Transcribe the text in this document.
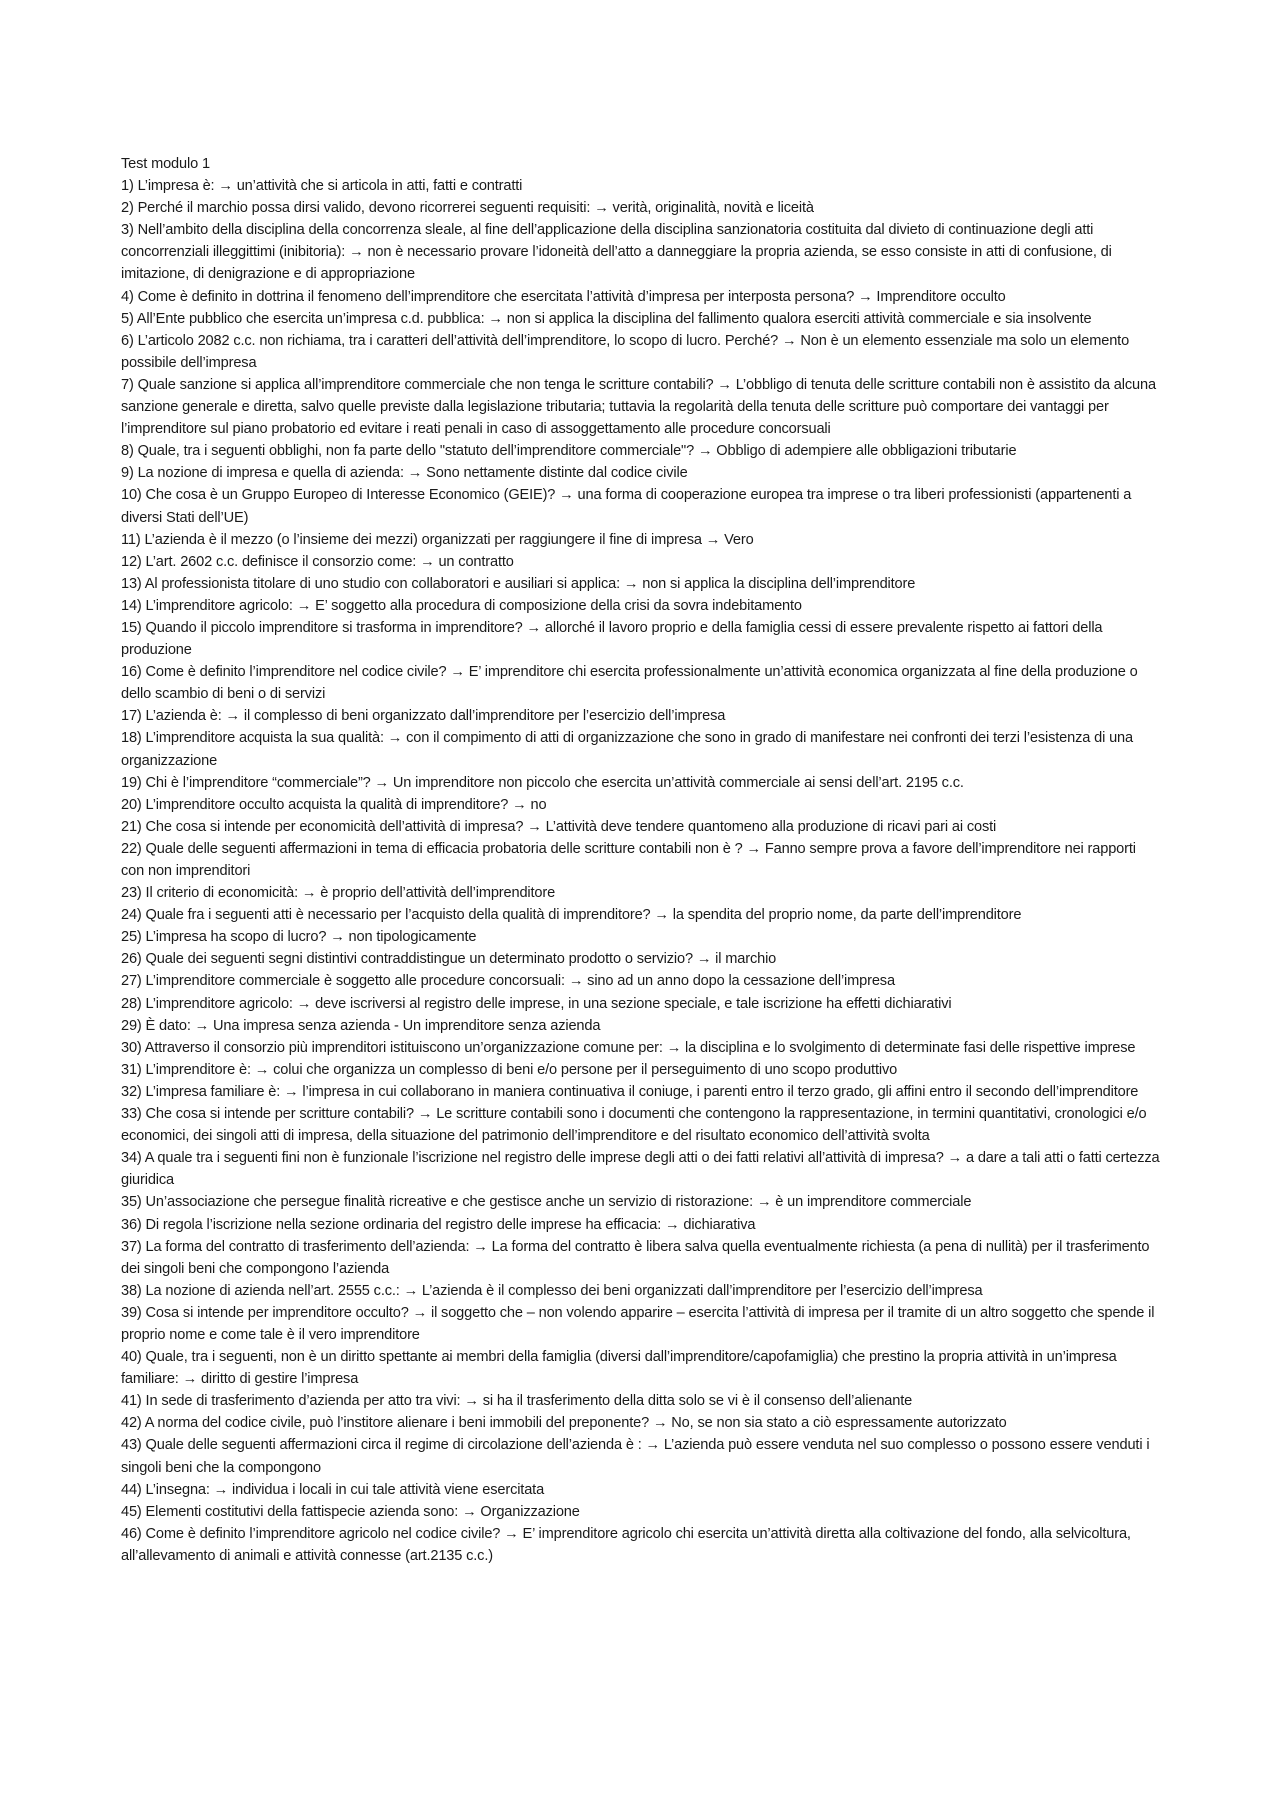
Test modulo 1
1) L’impresa è: → un’attività che si articola in atti, fatti e contratti
2) Perché il marchio possa dirsi valido, devono ricorrerei seguenti requisiti: → verità, originalità, novità e liceità
3) Nell’ambito della disciplina della concorrenza sleale, al fine dell’applicazione della disciplina sanzionatoria costituita dal divieto di continuazione degli atti concorrenziali illeggittimi (inibitoria): → non è necessario provare l’idoneità dell’atto a danneggiare la propria azienda, se esso consiste in atti di confusione, di imitazione, di denigrazione e di appropriazione
4) Come è definito in dottrina il fenomeno dell’imprenditore che esercitata l’attività d’impresa per interposta persona? → Imprenditore occulto
5) All’Ente pubblico che esercita un’impresa c.d. pubblica: → non si applica la disciplina del fallimento qualora eserciti attività commerciale e sia insolvente
6) L’articolo 2082 c.c. non richiama, tra i caratteri dell’attività dell’imprenditore, lo scopo di lucro. Perché? → Non è un elemento essenziale ma solo un elemento possibile dell’impresa
7) Quale sanzione si applica all’imprenditore commerciale che non tenga le scritture contabili? → L’obbligo di tenuta delle scritture contabili non è assistito da alcuna sanzione generale e diretta, salvo quelle previste dalla legislazione tributaria; tuttavia la regolarità della tenuta delle scritture può comportare dei vantaggi per l’imprenditore sul piano probatorio ed evitare i reati penali in caso di assoggettamento alle procedure concorsuali
8) Quale, tra i seguenti obblighi, non fa parte dello "statuto dell’imprenditore commerciale"? → Obbligo di adempiere alle obbligazioni tributarie
9) La nozione di impresa e quella di azienda: → Sono nettamente distinte dal codice civile
10) Che cosa è un Gruppo Europeo di Interesse Economico (GEIE)? → una forma di cooperazione europea tra imprese o tra liberi professionisti (appartenenti a diversi Stati dell’UE)
11) L’azienda è il mezzo (o l’insieme dei mezzi) organizzati per raggiungere il fine di impresa → Vero
12) L’art. 2602 c.c. definisce il consorzio come: → un contratto
13) Al professionista titolare di uno studio con collaboratori e ausiliari si applica: → non si applica la disciplina dell’imprenditore
14) L’imprenditore agricolo: → E’ soggetto alla procedura di composizione della crisi da sovra indebitamento
15) Quando il piccolo imprenditore si trasforma in imprenditore? → allorché il lavoro proprio e della famiglia cessi di essere prevalente rispetto ai fattori della produzione
16) Come è definito l’imprenditore nel codice civile? → E’ imprenditore chi esercita professionalmente un’attività economica organizzata al fine della produzione o dello scambio di beni o di servizi
17) L’azienda è: → il complesso di beni organizzato dall’imprenditore per l’esercizio dell’impresa
18) L’imprenditore acquista la sua qualità: → con il compimento di atti di organizzazione che sono in grado di manifestare nei confronti dei terzi l’esistenza di una organizzazione
19) Chi è l’imprenditore “commerciale”? → Un imprenditore non piccolo che esercita un’attività commerciale ai sensi dell’art. 2195 c.c.
20) L’imprenditore occulto acquista la qualità di imprenditore? → no
21) Che cosa si intende per economicità dell’attività di impresa? → L’attività deve tendere quantomeno alla produzione di ricavi pari ai costi
22) Quale delle seguenti affermazioni in tema di efficacia probatoria delle scritture contabili non è ? → Fanno sempre prova a favore dell’imprenditore nei rapporti con non imprenditori
23) Il criterio di economicità: → è proprio dell’attività dell’imprenditore
24) Quale fra i seguenti atti è necessario per l’acquisto della qualità di imprenditore? → la spendita del proprio nome, da parte dell’imprenditore
25) L’impresa ha scopo di lucro? → non tipologicamente
26) Quale dei seguenti segni distintivi contraddistingue un determinato prodotto o servizio? → il marchio
27) L’imprenditore commerciale è soggetto alle procedure concorsuali: → sino ad un anno dopo la cessazione dell’impresa
28) L’imprenditore agricolo: → deve iscriversi al registro delle imprese, in una sezione speciale, e tale iscrizione ha effetti dichiarativi
29) È dato: → Una impresa senza azienda - Un imprenditore senza azienda
30) Attraverso il consorzio più imprenditori istituiscono un’organizzazione comune per: → la disciplina e lo svolgimento di determinate fasi delle rispettive imprese
31) L’imprenditore è: → colui che organizza un complesso di beni e/o persone per il perseguimento di uno scopo produttivo
32) L’impresa familiare è: → l’impresa in cui collaborano in maniera continuativa il coniuge, i parenti entro il terzo grado, gli affini entro il secondo dell’imprenditore
33) Che cosa si intende per scritture contabili? → Le scritture contabili sono i documenti che contengono la rappresentazione, in termini quantitativi, cronologici e/o economici, dei singoli atti di impresa, della situazione del patrimonio dell’imprenditore e del risultato economico dell’attività svolta
34) A quale tra i seguenti fini non è funzionale l’iscrizione nel registro delle imprese degli atti o dei fatti relativi all’attività di impresa? → a dare a tali atti o fatti certezza giuridica
35) Un’associazione che persegue finalità ricreative e che gestisce anche un servizio di ristorazione: → è un imprenditore commerciale
36) Di regola l’iscrizione nella sezione ordinaria del registro delle imprese ha efficacia: → dichiarativa
37) La forma del contratto di trasferimento dell’azienda: → La forma del contratto è libera salva quella eventualmente richiesta (a pena di nullità) per il trasferimento dei singoli beni che compongono l’azienda
38) La nozione di azienda nell’art. 2555 c.c.: → L’azienda è il complesso dei beni organizzati dall’imprenditore per l’esercizio dell’impresa
39) Cosa si intende per imprenditore occulto? → il soggetto che – non volendo apparire – esercita l’attività di impresa per il tramite di un altro soggetto che spende il proprio nome e come tale è il vero imprenditore
40) Quale, tra i seguenti, non è un diritto spettante ai membri della famiglia (diversi dall’imprenditore/capofamiglia) che prestino la propria attività in un’impresa familiare: → diritto di gestire l’impresa
41) In sede di trasferimento d’azienda per atto tra vivi: → si ha il trasferimento della ditta solo se vi è il consenso dell’alienante
42) A norma del codice civile, può l’institore alienare i beni immobili del preponente? → No, se non sia stato a ciò espressamente autorizzato
43) Quale delle seguenti affermazioni circa il regime di circolazione dell’azienda è : → L’azienda può essere venduta nel suo complesso o possono essere venduti i singoli beni che la compongono
44) L’insegna: → individua i locali in cui tale attività viene esercitata
45) Elementi costitutivi della fattispecie azienda sono: → Organizzazione
46) Come è definito l’imprenditore agricolo nel codice civile? → E’ imprenditore agricolo chi esercita un’attività diretta alla coltivazione del fondo, alla selvicoltura, all’allevamento di animali e attività connesse (art.2135 c.c.)
